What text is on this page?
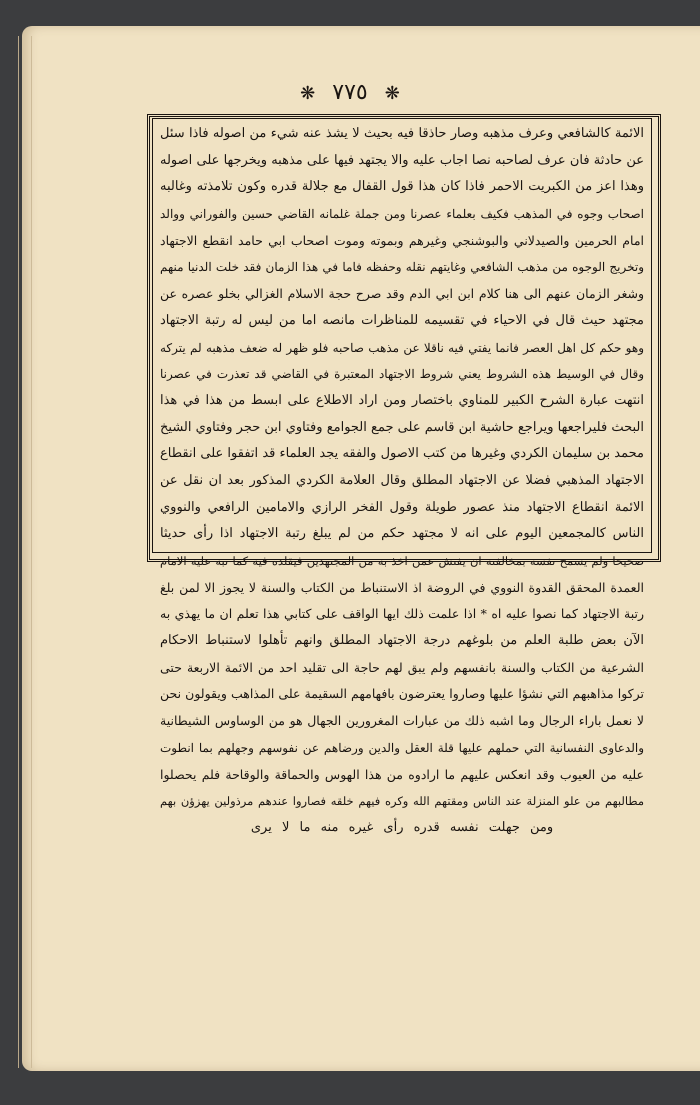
❋ ٧٧٥ ❋
الائمة كالشافعي وعرف مذهبه وصار حاذقا فيه بحيث لا يشذ عنه شيء من اصوله فاذا سئل
عن حادثة فان عرف لصاحبه نصا اجاب عليه والا يجتهد فيها على مذهبه ويخرجها على اصوله
وهذا اعز من الكبريت الاحمر فاذا كان هذا قول القفال مع جلالة قدره وكون تلامذته وغالبه
اصحاب وجوه في المذهب فكيف بعلماء عصرنا ومن جملة غلمانه القاضي حسين والفوراني ووالد
امام الحرمين والصيدلاني والبوشنجي وغيرهم وبموته وموت اصحاب ابي حامد انقطع الاجتهاد
وتخريج الوجوه من مذهب الشافعي وغايتهم نقله وحفظه فاما في هذا الزمان فقد خلت الدنيا منهم
وشغر الزمان عنهم الى هنا كلام ابن ابي الدم وقد صرح حجة الاسلام الغزالي بخلو عصره عن
مجتهد حيث قال في الاحياء في تقسيمه للمناظرات مانصه اما من ليس له رتبة الاجتهاد
وهو حكم كل اهل العصر فانما يفتي فيه ناقلا عن مذهب صاحبه فلو ظهر له ضعف مذهبه لم يتركه
وقال في الوسيط هذه الشروط يعني شروط الاجتهاد المعتبرة في القاضي قد تعذرت في عصرنا
انتهت عبارة الشرح الكبير للمناوي باختصار ومن اراد الاطلاع على ابسط من هذا في هذا
البحث فليراجعها ويراجع حاشية ابن قاسم على جمع الجوامع وفتاوي ابن حجر وفتاوي الشيخ
محمد بن سليمان الكردي وغيرها من كتب الاصول والفقه يجد العلماء قد اتفقوا على انقطاع
الاجتهاد المذهبي فضلا عن الاجتهاد المطلق وقال العلامة الكردي المذكور بعد ان نقل عن
الائمة انقطاع الاجتهاد منذ عصور طويلة وقول الفخر الرازي والامامين الرافعي والنووي
الناس كالمجمعين اليوم على انه لا مجتهد حكم من لم يبلغ رتبة الاجتهاد اذا رأى حديثا
صحيحا ولم يسمح نفسه بمخالفته ان يفتش عمن اخذ به من المجتهدين فيقلده فيه كما نبه عليه الامام
العمدة المحقق القدوة النووي في الروضة اذ الاستنباط من الكتاب والسنة لا يجوز الا لمن بلغ
رتبة الاجتهاد كما نصوا عليه اه * اذا علمت ذلك ايها الواقف على كتابي هذا تعلم ان ما يهذي به
الآن بعض طلبة العلم من بلوغهم درجة الاجتهاد المطلق وانهم تأهلوا لاستنباط الاحكام
الشرعية من الكتاب والسنة بانفسهم ولم يبق لهم حاجة الى تقليد احد من الائمة الاربعة حتى
تركوا مذاهبهم التي نشؤا عليها وصاروا يعترضون بافهامهم السقيمة على المذاهب ويقولون نحن
لا نعمل باراء الرجال وما اشبه ذلك من عبارات المغرورين الجهال هو من الوساوس الشيطانية
والدعاوى النفسانية التي حملهم عليها قلة العقل والدين ورضاهم عن نفوسهم وجهلهم بما انطوت
عليه من العيوب وقد انعكس عليهم ما ارادوه من هذا الهوس والحماقة والوقاحة فلم يحصلوا
مطالبهم من علو المنزلة عند الناس ومقتهم الله وكره فيهم خلقه فصاروا عندهم مرذولين يهزؤن بهم
ومن جهلت نفسه قدره رأى غيره منه ما لا يرى
